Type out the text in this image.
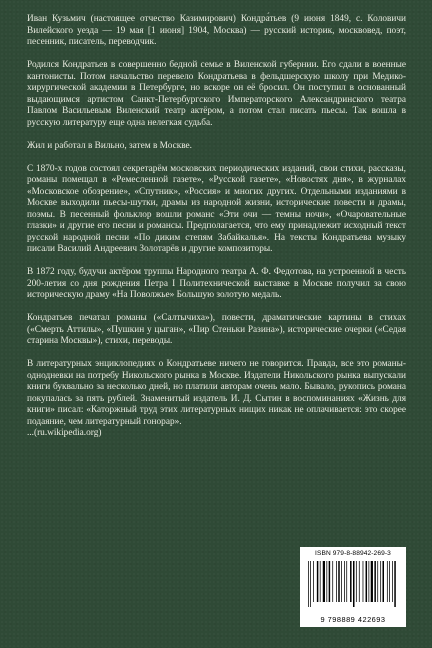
Иван Кузьмич (настоящее отчество Казимирович) Кондра́тьев (9 июня 1849, с. Коловичи Вилейского уезда — 19 мая [1 июня] 1904, Москва) — русский историк, москвовед, поэт, песенник, писатель, переводчик.

Родился Кондратьев в совершенно бедной семье в Виленской губернии. Его сдали в военные кантонисты. Потом начальство перевело Кондратьева в фельдшерскую школу при Медико-хирургической академии в Петербурге, но вскоре он её бросил. Он поступил в основанный выдающимся артистом Санкт-Петербургского Императорского Александринского театра Павлом Васильевым Виленский театр актёром, а потом стал писать пьесы. Так вошла в русскую литературу еще одна нелегкая судьба.

Жил и работал в Вильно, затем в Москве.

С 1870-х годов состоял секретарём московских периодических изданий, свои стихи, рассказы, романы помещал в «Ремесленной газете», «Русской газете», «Новостях дня», в журналах «Московское обозрение», «Спутник», «Россия» и многих других. Отдельными изданиями в Москве выходили пьесы-шутки, драмы из народной жизни, исторические повести и драмы, поэмы. В песенный фольклор вошли романс «Эти очи — темны ночи», «Очаровательные глазки» и другие его песни и романсы. Предполагается, что ему принадлежит исходный текст русской народной песни «По диким степям Забайкалья». На тексты Кондратьева музыку писали Василий Андреевич Золотарёв и другие композиторы.

В 1872 году, будучи актёром труппы Народного театра А. Ф. Федотова, на устроенной в честь 200-летия со дня рождения Петра I Политехнической выставке в Москве получил за свою историческую драму «На Поволжье» Большую золотую медаль.

Кондратьев печатал романы («Салтычиха»), повести, драматические картины в стихах («Смерть Аттилы», «Пушкин у цыган», «Пир Стеньки Разина»), исторические очерки («Седая старина Москвы»), стихи, переводы.

В литературных энциклопедиях о Кондратьеве ничего не говорится. Правда, все это романы-однодневки на потребу Никольского рынка в Москве. Издатели Никольского рынка выпускали книги буквально за несколько дней, но платили авторам очень мало. Бывало, рукопись романа покупалась за пять рублей. Знаменитый издатель И. Д. Сытин в воспоминаниях «Жизнь для книги» писал: «Каторжный труд этих литературных нищих никак не оплачивается: это скорее подаяние, чем литературный гонорар».

...(ru.wikipedia.org)

ISBN 979-8-88942-269-3
9 798889 422693
